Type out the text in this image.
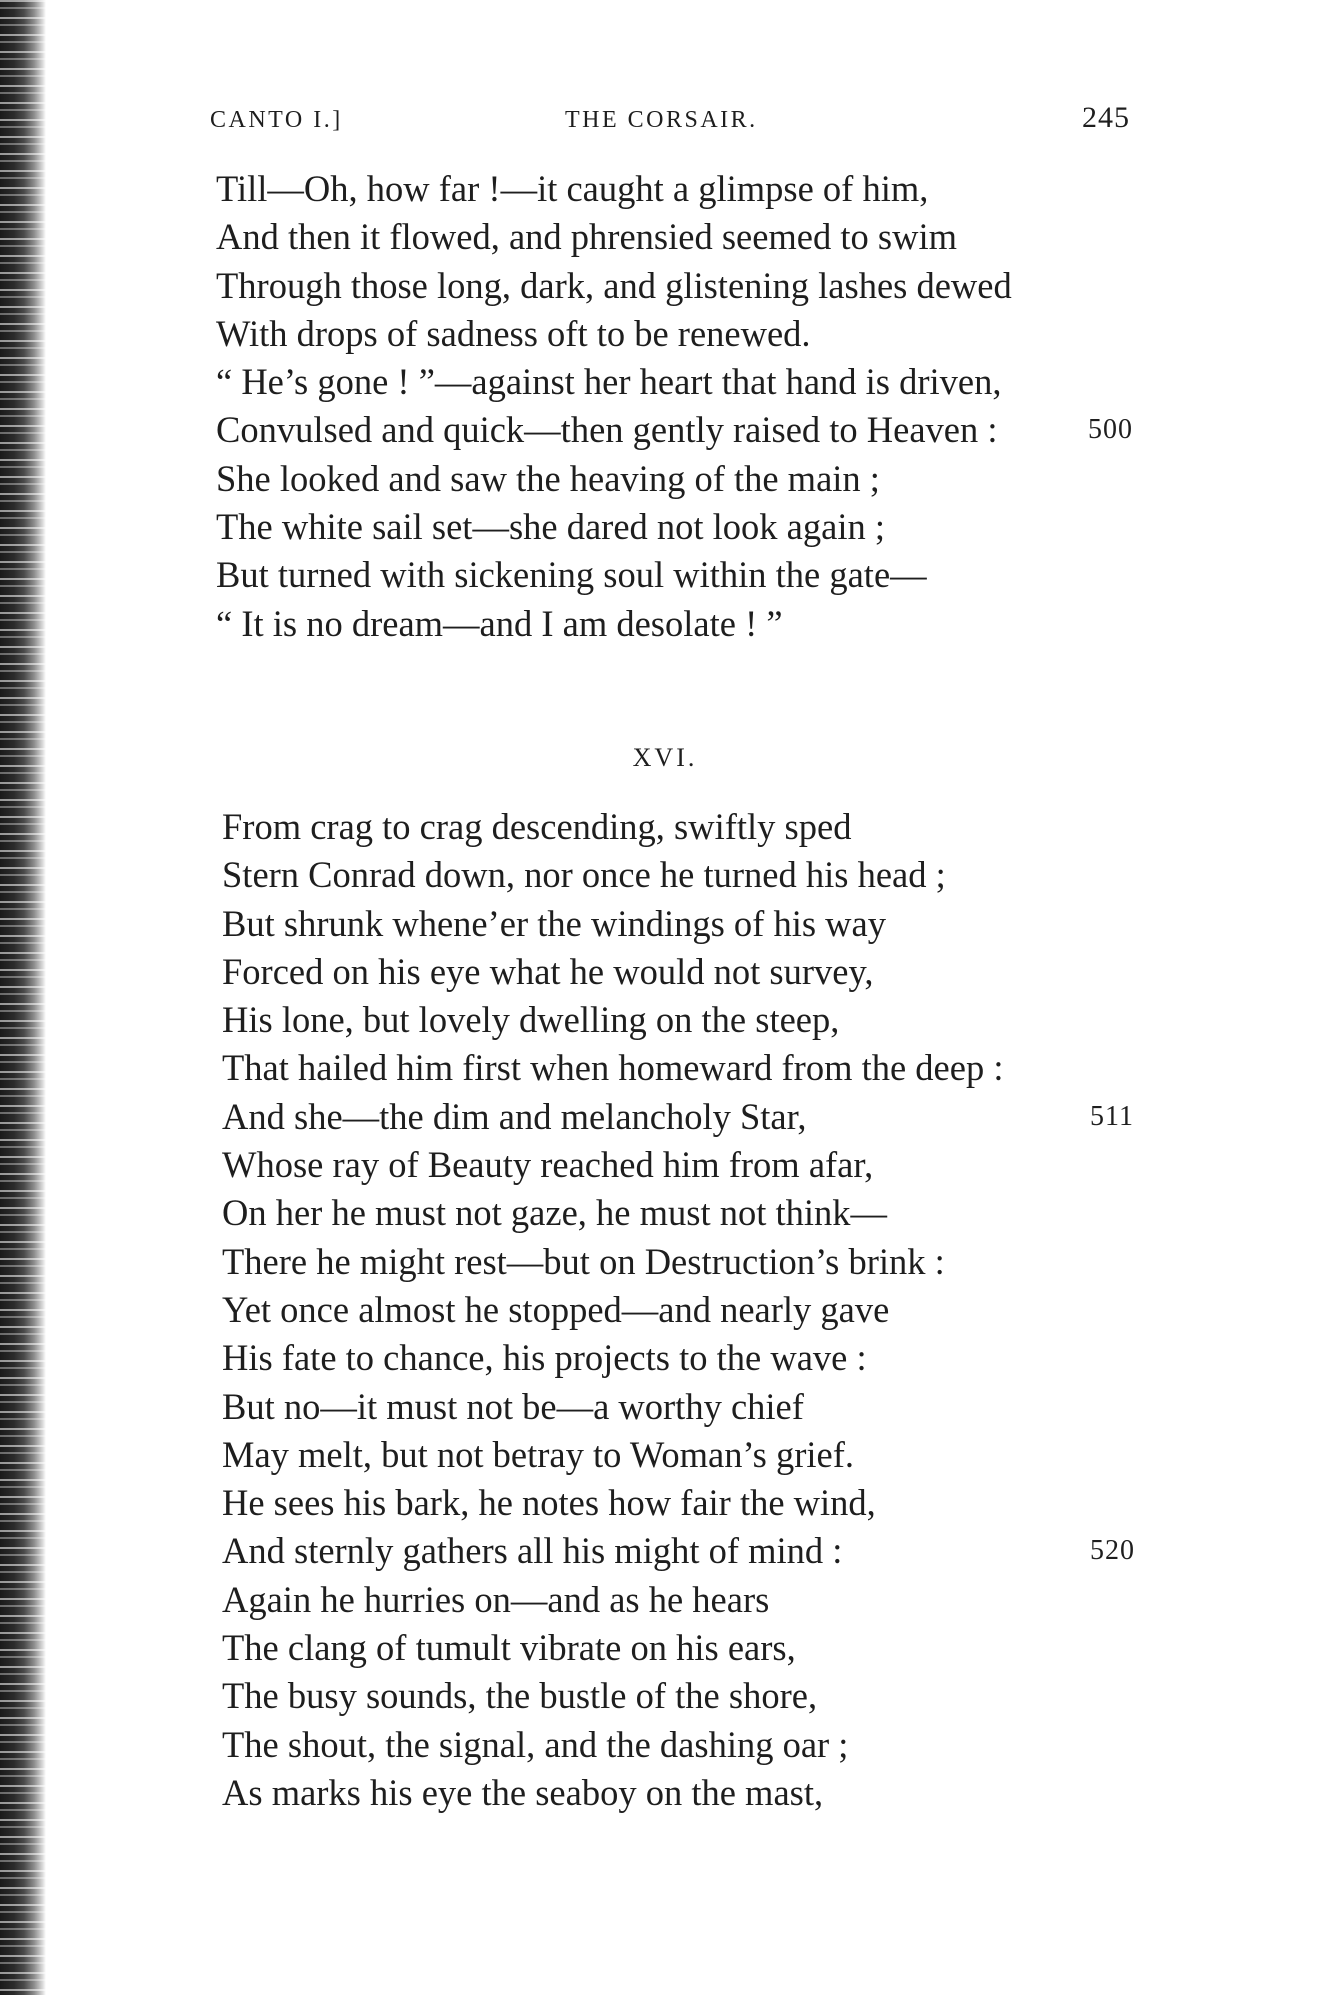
CANTO I.]	THE CORSAIR.	245
Till—Oh, how far !—it caught a glimpse of him,
And then it flowed, and phrensied seemed to swim
Through those long, dark, and glistening lashes dewed
With drops of sadness oft to be renewed.
“ He’s gone ! ”—against her heart that hand is driven,
Convulsed and quick—then gently raised to Heaven :	500
She looked and saw the heaving of the main ;
The white sail set—she dared not look again ;
But turned with sickening soul within the gate—
“ It is no dream—and I am desolate ! ”
XVI.
From crag to crag descending, swiftly sped
Stern Conrad down, nor once he turned his head ;
But shrunk whene’er the windings of his way
Forced on his eye what he would not survey,
His lone, but lovely dwelling on the steep,
That hailed him first when homeward from the deep :
And she—the dim and melancholy Star,	511
Whose ray of Beauty reached him from afar,
On her he must not gaze, he must not think—
There he might rest—but on Destruction’s brink :
Yet once almost he stopped—and nearly gave
His fate to chance, his projects to the wave :
But no—it must not be—a worthy chief
May melt, but not betray to Woman’s grief.
He sees his bark, he notes how fair the wind,
And sternly gathers all his might of mind :	520
Again he hurries on—and as he hears
The clang of tumult vibrate on his ears,
The busy sounds, the bustle of the shore,
The shout, the signal, and the dashing oar ;
As marks his eye the seaboy on the mast,
